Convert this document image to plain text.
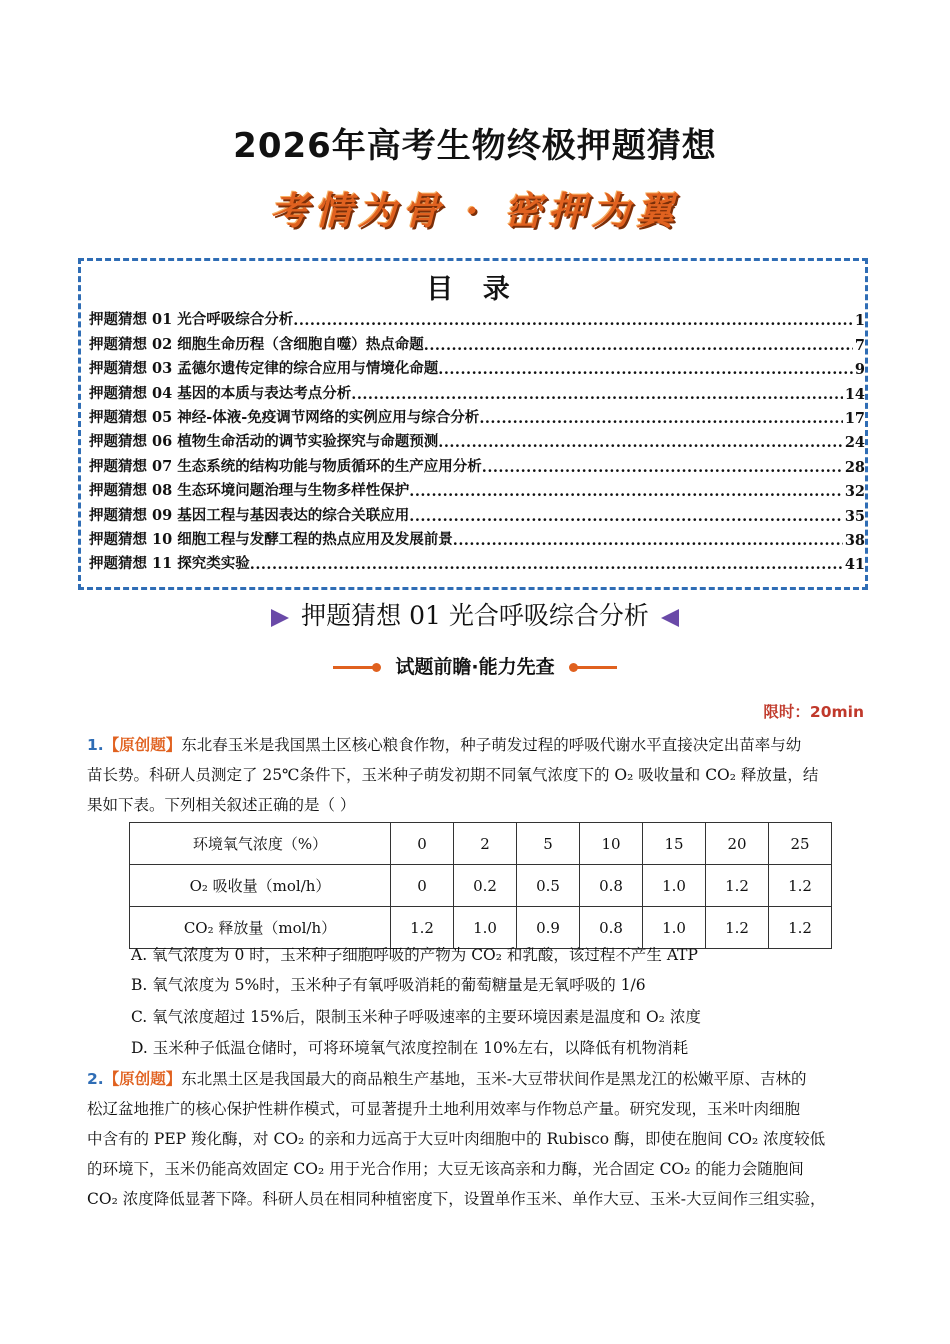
2026年高考生物终极押题猜想
考情为骨 · 密押为翼
目 录
押题猜想 01 光合呼吸综合分析 .....	1
押题猜想 02 细胞生命历程（含细胞自噬）热点命题 .....	7
押题猜想 03 孟德尔遗传定律的综合应用与情境化命题 .....	9
押题猜想 04 基因的本质与表达考点分析 .....	14
押题猜想 05 神经-体液-免疫调节网络的实例应用与综合分析 .....	17
押题猜想 06 植物生命活动的调节实验探究与命题预测 .....	24
押题猜想 07 生态系统的结构功能与物质循环的生产应用分析 .....	28
押题猜想 08 生态环境问题治理与生物多样性保护 .....	32
押题猜想 09 基因工程与基因表达的综合关联应用 .....	35
押题猜想 10 细胞工程与发酵工程的热点应用及发展前景 .....	38
押题猜想 11 探究类实验 .....	41
押题猜想 01 光合呼吸综合分析
试题前瞻·能力先查
限时：20min
1.【原创题】东北春玉米是我国黑土区核心粮食作物，种子萌发过程的呼吸代谢水平直接决定出苗率与幼
苗长势。科研人员测定了 25℃条件下，玉米种子萌发初期不同氧气浓度下的 O₂ 吸收量和 CO₂ 释放量，结
果如下表。下列相关叙述正确的是（ ）
环境氧气浓度（%）	0	2	5	10	15	20	25
O₂ 吸收量（mol/h）	0	0.2	0.5	0.8	1.0	1.2	1.2
CO₂ 释放量（mol/h）	1.2	1.0	0.9	0.8	1.0	1.2	1.2
A. 氧气浓度为 0 时，玉米种子细胞呼吸的产物为 CO₂ 和乳酸，该过程不产生 ATP
B. 氧气浓度为 5%时，玉米种子有氧呼吸消耗的葡萄糖量是无氧呼吸的 1/6
C. 氧气浓度超过 15%后，限制玉米种子呼吸速率的主要环境因素是温度和 O₂ 浓度
D. 玉米种子低温仓储时，可将环境氧气浓度控制在 10%左右，以降低有机物消耗
2.【原创题】东北黑土区是我国最大的商品粮生产基地，玉米-大豆带状间作是黑龙江的松嫩平原、吉林的
松辽盆地推广的核心保护性耕作模式，可显著提升土地利用效率与作物总产量。研究发现，玉米叶肉细胞
中含有的 PEP 羧化酶，对 CO₂ 的亲和力远高于大豆叶肉细胞中的 Rubisco 酶，即使在胞间 CO₂ 浓度较低
的环境下，玉米仍能高效固定 CO₂ 用于光合作用；大豆无该高亲和力酶，光合固定 CO₂ 的能力会随胞间
CO₂ 浓度降低显著下降。科研人员在相同种植密度下，设置单作玉米、单作大豆、玉米-大豆间作三组实验，
